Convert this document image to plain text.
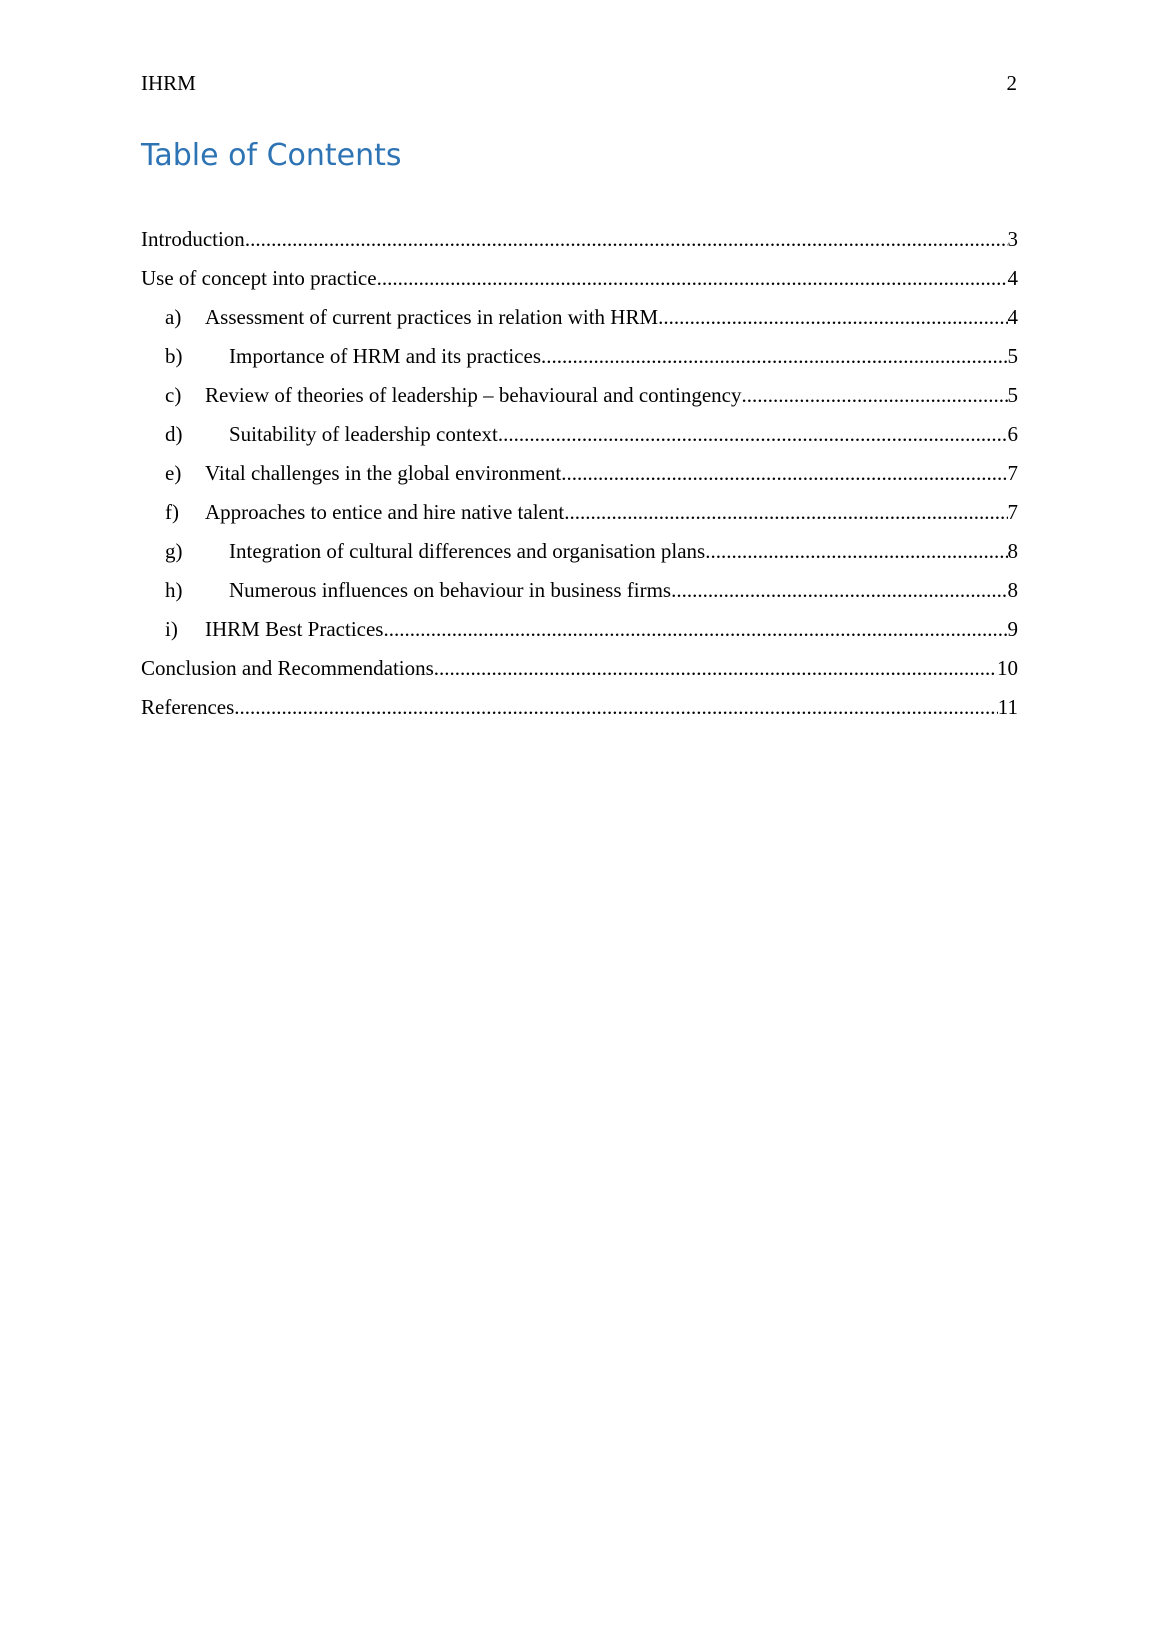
IHRM	2
Table of Contents
Introduction .....	3
Use of concept into practice .....	4
a)	Assessment of current practices in relation with HRM .....	4
b)	Importance of HRM and its practices .....	5
c)	Review of theories of leadership – behavioural and contingency .....	5
d)	Suitability of leadership context .....	6
e)	Vital challenges in the global environment .....	7
f)	Approaches to entice and hire native talent .....	7
g)	Integration of cultural differences and organisation plans .....	8
h)	Numerous influences on behaviour in business firms .....	8
i)	IHRM Best Practices .....	9
Conclusion and Recommendations .....	10
References .....	11
